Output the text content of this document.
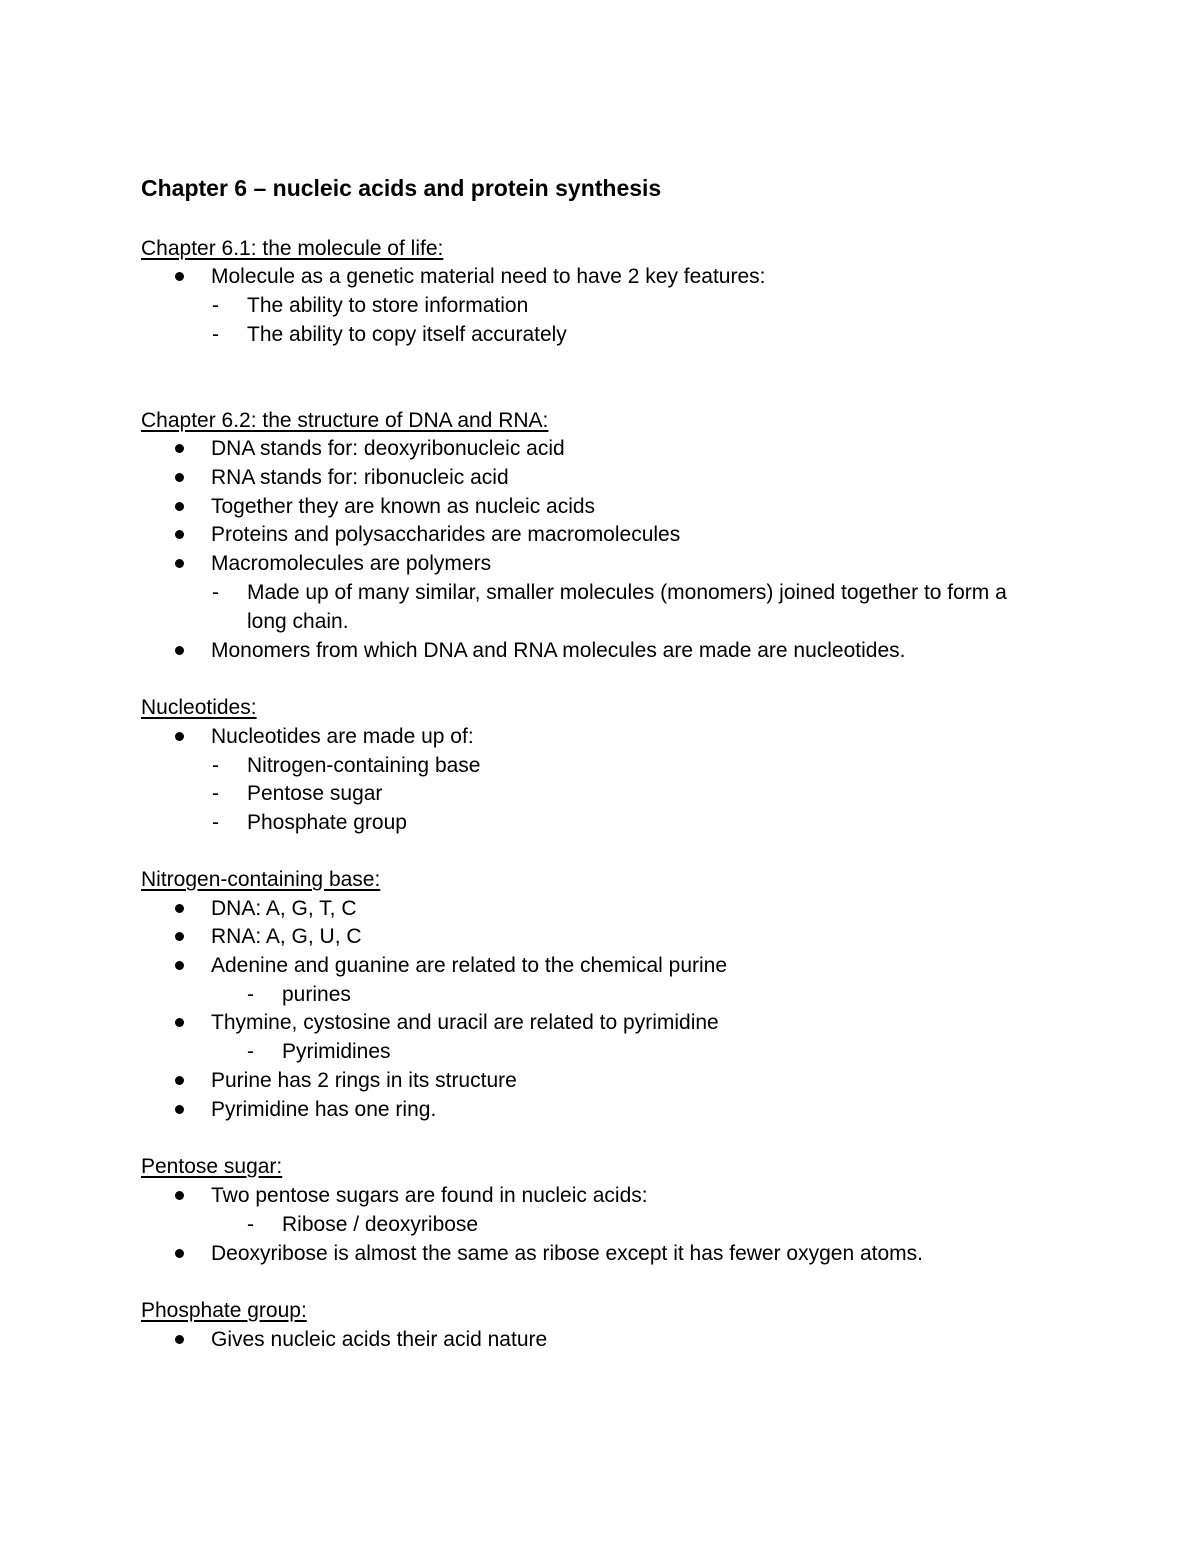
Chapter 6 – nucleic acids and protein synthesis
Chapter 6.1: the molecule of life:
Molecule as a genetic material need to have 2 key features:
- The ability to store information
- The ability to copy itself accurately
Chapter 6.2: the structure of DNA and RNA:
DNA stands for: deoxyribonucleic acid
RNA stands for: ribonucleic acid
Together they are known as nucleic acids
Proteins and polysaccharides are macromolecules
Macromolecules are polymers
- Made up of many similar, smaller molecules (monomers) joined together to form a
long chain.
Monomers from which DNA and RNA molecules are made are nucleotides.
Nucleotides:
Nucleotides are made up of:
- Nitrogen-containing base
- Pentose sugar
- Phosphate group
Nitrogen-containing base:
DNA: A, G, T, C
RNA: A, G, U, C
Adenine and guanine are related to the chemical purine
- purines
Thymine, cystosine and uracil are related to pyrimidine
- Pyrimidines
Purine has 2 rings in its structure
Pyrimidine has one ring.
Pentose sugar:
Two pentose sugars are found in nucleic acids:
- Ribose / deoxyribose
Deoxyribose is almost the same as ribose except it has fewer oxygen atoms.
Phosphate group:
Gives nucleic acids their acid nature
